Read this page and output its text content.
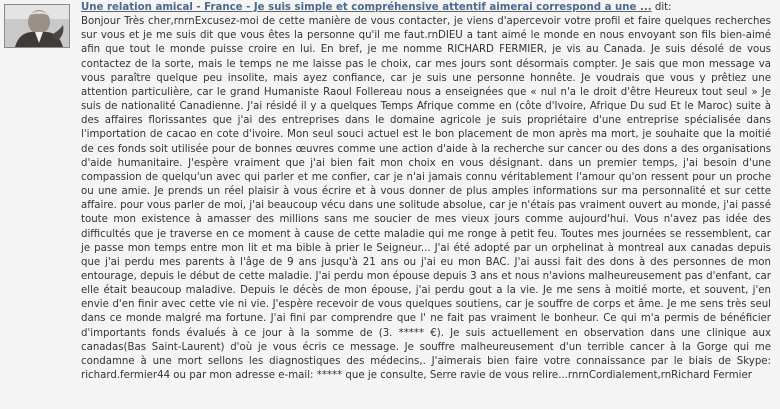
Une relation amical - France - Je suis simple et compréhensive attentif aimerai correspond a une ... dit:

Bonjour Très cher,rnrnExcusez-moi de cette manière de vous contacter, je viens d'apercevoir votre profil et faire quelques recherches sur vous et je me suis dit que vous êtes la personne qu'il me faut.rnDIEU a tant aimé le monde en nous envoyant son fils bien-aimé afin que tout le monde puisse croire en lui. En bref, je me nomme RICHARD FERMIER, je vis au Canada. Je suis désolé de vous contactez de la sorte, mais le temps ne me laisse pas le choix, car mes jours sont désormais compter. Je sais que mon message va vous paraître quelque peu insolite, mais ayez confiance, car je suis une personne honnête. Je voudrais que vous y prêtiez une attention particulière, car le grand Humaniste Raoul Follereau nous a enseignées que « nul n'a le droit d'être Heureux tout seul » Je suis de nationalité Canadienne. J'ai résidé il y a quelques Temps Afrique comme en (côte d'Ivoire, Afrique Du sud Et le Maroc) suite à des affaires florissantes que j'ai des entreprises dans le domaine agricole je suis propriétaire d'une entreprise spécialisée dans l'importation de cacao en cote d'ivoire. Mon seul souci actuel est le bon placement de mon après ma mort, je souhaite que la moitié de ces fonds soit utilisée pour de bonnes œuvres comme une action d'aide à la recherche sur cancer ou des dons a des organisations d'aide humanitaire. J'espère vraiment que j'ai bien fait mon choix en vous désignant. dans un premier temps, j'ai besoin d'une compassion de quelqu'un avec qui parler et me confier, car je n'ai jamais connu véritablement l'amour qu'on ressent pour un proche ou une amie. Je prends un réel plaisir à vous écrire et à vous donner de plus amples informations sur ma personnalité et sur cette affaire. pour vous parler de moi, j'ai beaucoup vécu dans une solitude absolue, car je n'étais pas vraiment ouvert au monde, j'ai passé toute mon existence à amasser des millions sans me soucier de mes vieux jours comme aujourd'hui. Vous n'avez pas idée des difficultés que je traverse en ce moment à cause de cette maladie qui me ronge à petit feu. Toutes mes journées se ressemblent, car je passe mon temps entre mon lit et ma bible à prier le Seigneur... J'ai été adopté par un orphelinat à montreal aux canadas depuis que j'ai perdu mes parents à l'âge de 9 ans jusqu'à 21 ans ou j'ai eu mon BAC. J'ai aussi fait des dons à des personnes de mon entourage, depuis le début de cette maladie. J'ai perdu mon épouse depuis 3 ans et nous n'avions malheureusement pas d'enfant, car elle était beaucoup maladive. Depuis le décès de mon épouse, j'ai perdu gout a la vie. Je me sens à moitié morte, et souvent, j'en envie d'en finir avec cette vie ni vie. J'espère recevoir de vous quelques soutiens, car je souffre de corps et âme. Je me sens très seul dans ce monde malgré ma fortune. J'ai fini par comprendre que l' ne fait pas vraiment le bonheur. Ce qui m'a permis de bénéficier d'importants fonds évalués à ce jour à la somme de (3. ***** €). Je suis actuellement en observation dans une clinique aux canadas(Bas Saint-Laurent) d'où je vous écris ce message. Je souffre malheureusement d'un terrible cancer à la Gorge qui me condamne à une mort sellons les diagnostiques des médecins,. J'aimerais bien faire votre connaissance par le biais de Skype: richard.fermier44 ou par mon adresse e-mail: ***** que je consulte, Serre ravie de vous relire...rnrnCordialement,rnRichard Fermier
